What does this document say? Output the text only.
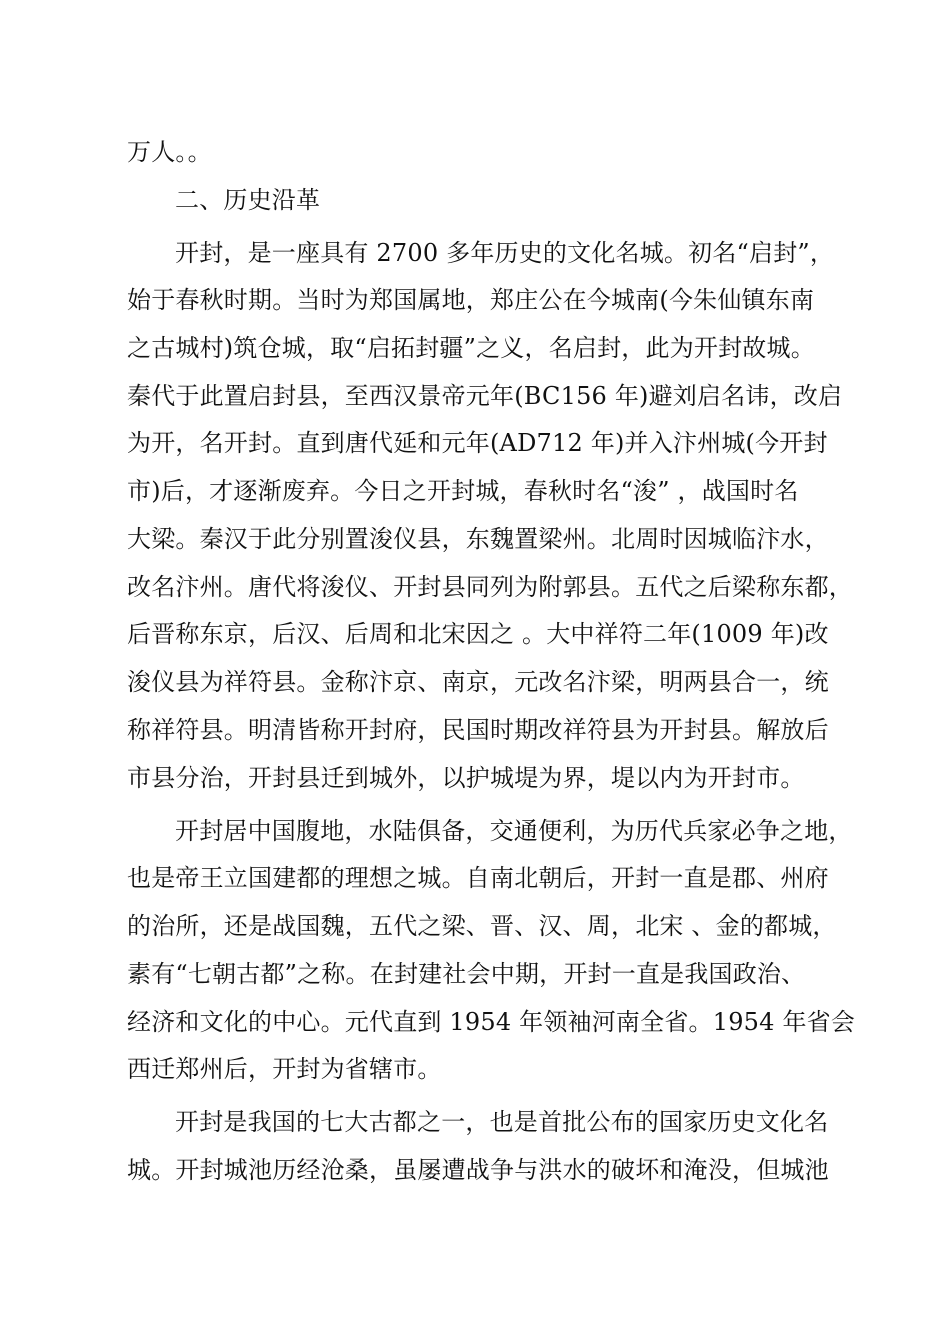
万人。。
二、历史沿革
开封，是一座具有 2700 多年历史的文化名城。初名“启封”，
始于春秋时期。当时为郑国属地，郑庄公在今城南(今朱仙镇东南
之古城村)筑仓城，取“启拓封疆”之义，名启封，此为开封故城。
秦代于此置启封县，至西汉景帝元年(BC156 年)避刘启名讳，改启
为开，名开封。直到唐代延和元年(AD712 年)并入汴州城(今开封
市)后，才逐渐废弃。今日之开封城，春秋时名“浚” ，战国时名
大梁。秦汉于此分别置浚仪县，东魏置梁州。北周时因城临汴水，
改名汴州。唐代将浚仪、开封县同列为附郭县。五代之后梁称东都，
后晋称东京，后汉、后周和北宋因之 。大中祥符二年(1009 年)改
浚仪县为祥符县。金称汴京、南京，元改名汴梁，明两县合一，统
称祥符县。明清皆称开封府，民国时期改祥符县为开封县。解放后
市县分治，开封县迁到城外，以护城堤为界，堤以内为开封市。
开封居中国腹地，水陆俱备，交通便利，为历代兵家必争之地，
也是帝王立国建都的理想之城。自南北朝后，开封一直是郡、州府
的治所，还是战国魏，五代之梁、晋、汉、周，北宋 、金的都城，
素有“七朝古都”之称。在封建社会中期，开封一直是我国政治、
经济和文化的中心。元代直到 1954 年领袖河南全省。1954 年省会
西迁郑州后，开封为省辖市。
开封是我国的七大古都之一，也是首批公布的国家历史文化名
城。开封城池历经沧桑，虽屡遭战争与洪水的破坏和淹没，但城池
